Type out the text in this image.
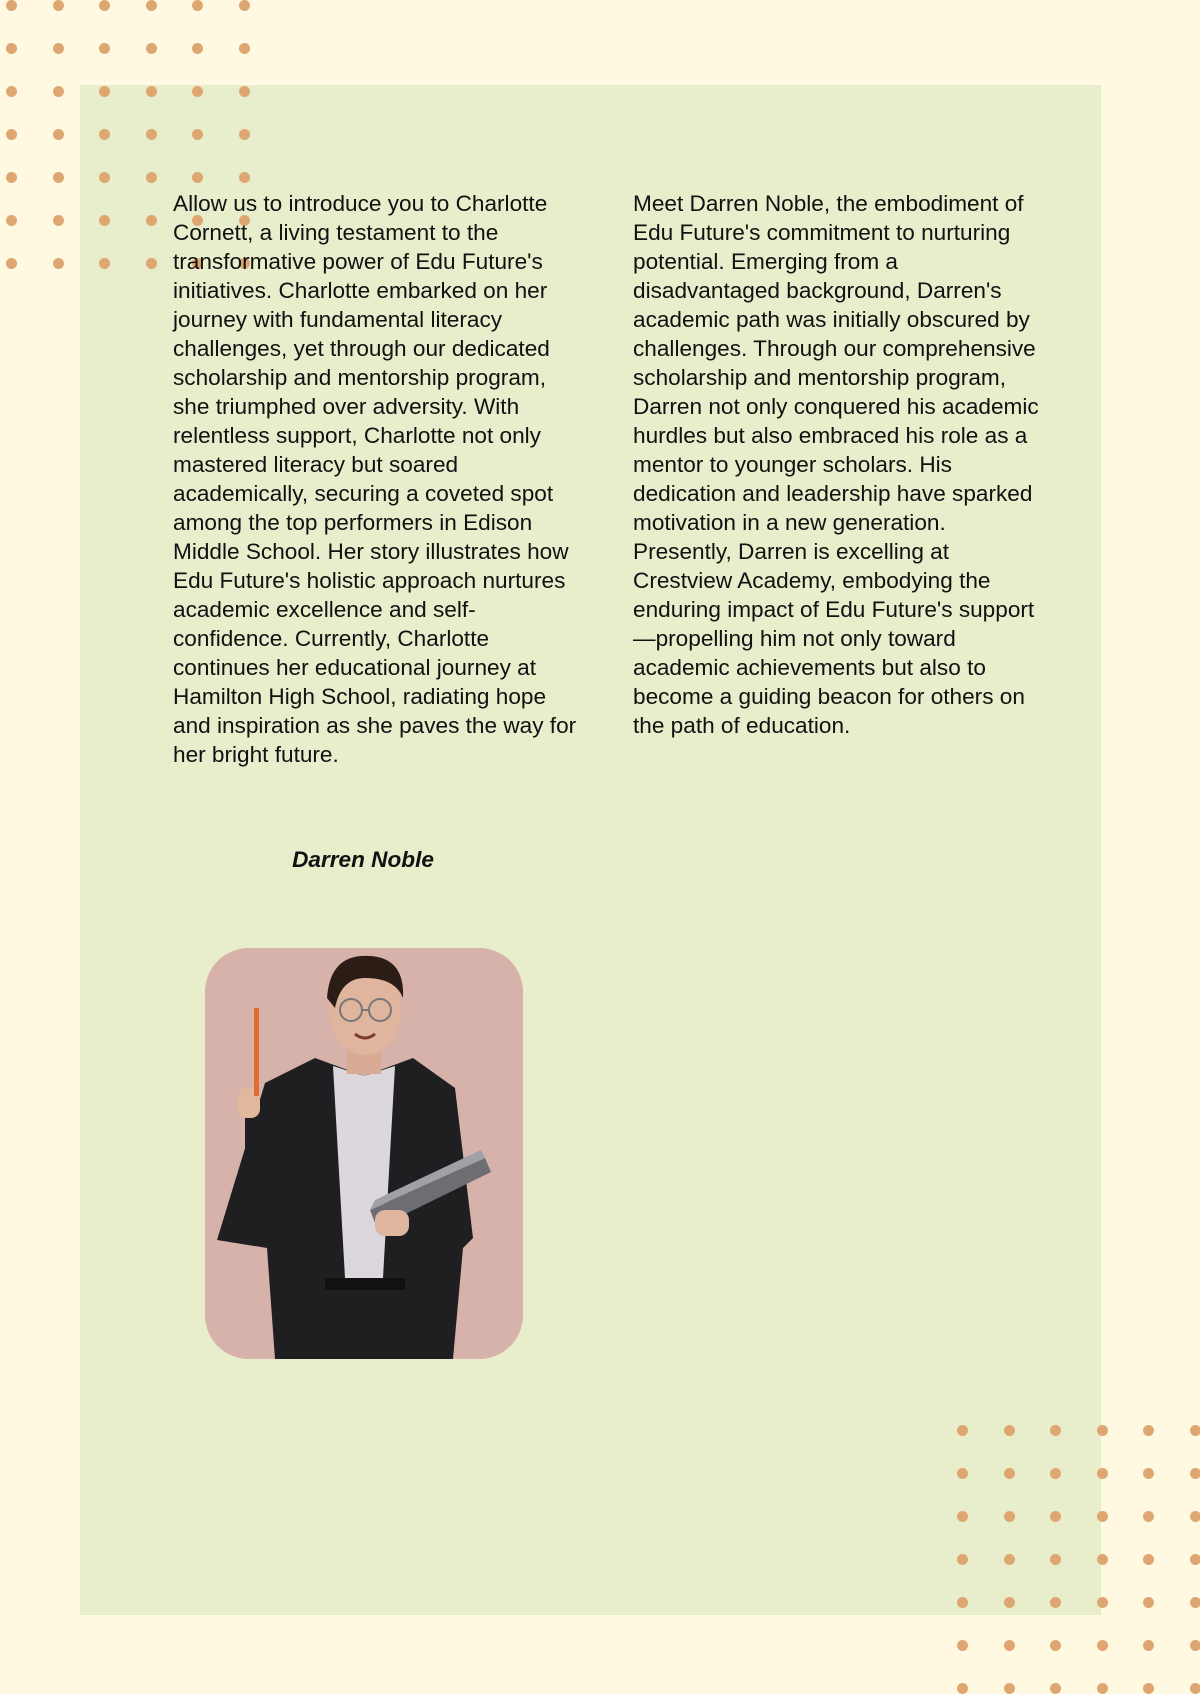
Allow us to introduce you to Charlotte Cornett, a living testament to the transformative power of Edu Future's initiatives. Charlotte embarked on her journey with fundamental literacy challenges, yet through our dedicated scholarship and mentorship program, she triumphed over adversity. With relentless support, Charlotte not only mastered literacy but soared academically, securing a coveted spot among the top performers in Edison Middle School. Her story illustrates how Edu Future's holistic approach nurtures academic excellence and self-confidence. Currently, Charlotte continues her educational journey at Hamilton High School, radiating hope and inspiration as she paves the way for her bright future.

Meet Darren Noble, the embodiment of Edu Future's commitment to nurturing potential. Emerging from a disadvantaged background, Darren's academic path was initially obscured by challenges. Through our comprehensive scholarship and mentorship program, Darren not only conquered his academic hurdles but also embraced his role as a mentor to younger scholars. His dedication and leadership have sparked motivation in a new generation. Presently, Darren is excelling at Crestview Academy, embodying the enduring impact of Edu Future's support—propelling him not only toward academic achievements but also to become a guiding beacon for others on the path of education.

Darren Noble
